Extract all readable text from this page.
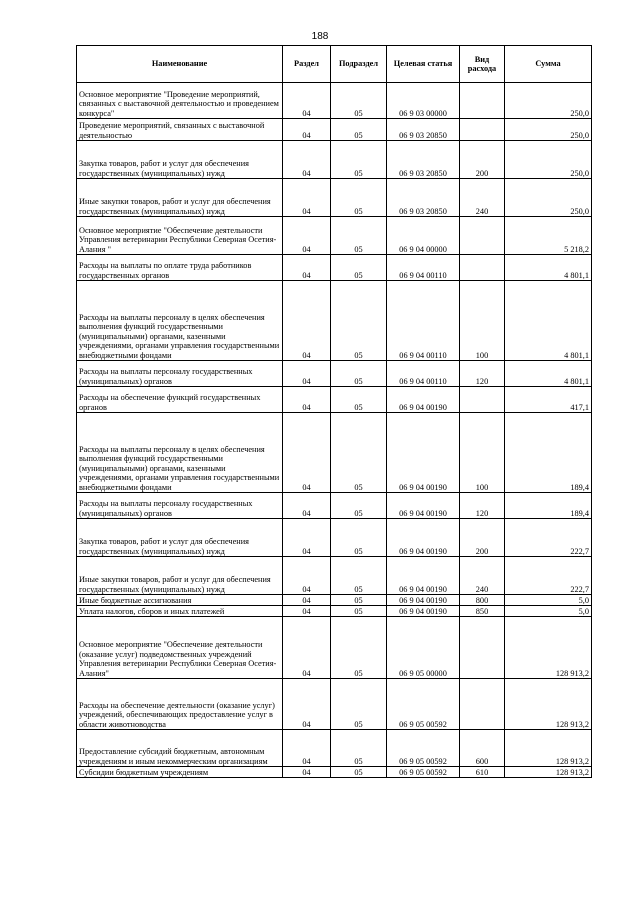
188
Наименование	Раздел	Подраздел	Целевая статья	Вид расхода	Сумма
Основное мероприятие "Проведение мероприятий, связанных с выставочной деятельностью и проведением конкурса"	04	05	06 9 03 00000		250,0
Проведение мероприятий, связанных с выставочной деятельностью	04	05	06 9 03 20850		250,0
Закупка товаров, работ и услуг для обеспечения государственных (муниципальных) нужд	04	05	06 9 03 20850	200	250,0
Иные закупки товаров, работ и услуг для обеспечения государственных (муниципальных) нужд	04	05	06 9 03 20850	240	250,0
Основное мероприятие "Обеспечение деятельности Управления ветеринарии Республики Северная Осетия-Алания "	04	05	06 9 04 00000		5 218,2
Расходы на выплаты по оплате труда работников государственных органов	04	05	06 9 04 00110		4 801,1
Расходы на выплаты персоналу в целях обеспечения выполнения функций государственными (муниципальными) органами, казенными учреждениями, органами управления государственными внебюджетными фондами	04	05	06 9 04 00110	100	4 801,1
Расходы на выплаты персоналу государственных (муниципальных) органов	04	05	06 9 04 00110	120	4 801,1
Расходы на обеспечение функций государственных органов	04	05	06 9 04 00190		417,1
Расходы на выплаты персоналу в целях обеспечения выполнения функций государственными (муниципальными) органами, казенными учреждениями, органами управления государственными внебюджетными фондами	04	05	06 9 04 00190	100	189,4
Расходы на выплаты персоналу государственных (муниципальных) органов	04	05	06 9 04 00190	120	189,4
Закупка товаров, работ и услуг для обеспечения государственных (муниципальных) нужд	04	05	06 9 04 00190	200	222,7
Иные закупки товаров, работ и услуг для обеспечения государственных (муниципальных) нужд	04	05	06 9 04 00190	240	222,7
Иные бюджетные ассигнования	04	05	06 9 04 00190	800	5,0
Уплата налогов, сборов и иных платежей	04	05	06 9 04 00190	850	5,0
Основное мероприятие "Обеспечение деятельности (оказание услуг) подведомственных учреждений Управления ветеринарии Республики Северная Осетия-Алания"	04	05	06 9 05 00000		128 913,2
Расходы на обеспечение деятельности (оказание услуг) учреждений, обеспечивающих предоставление услуг в области животноводства	04	05	06 9 05 00592		128 913,2
Предоставление субсидий бюджетным, автономным учреждениям и иным некоммерческим организациям	04	05	06 9 05 00592	600	128 913,2
Субсидии бюджетным учреждениям	04	05	06 9 05 00592	610	128 913,2
